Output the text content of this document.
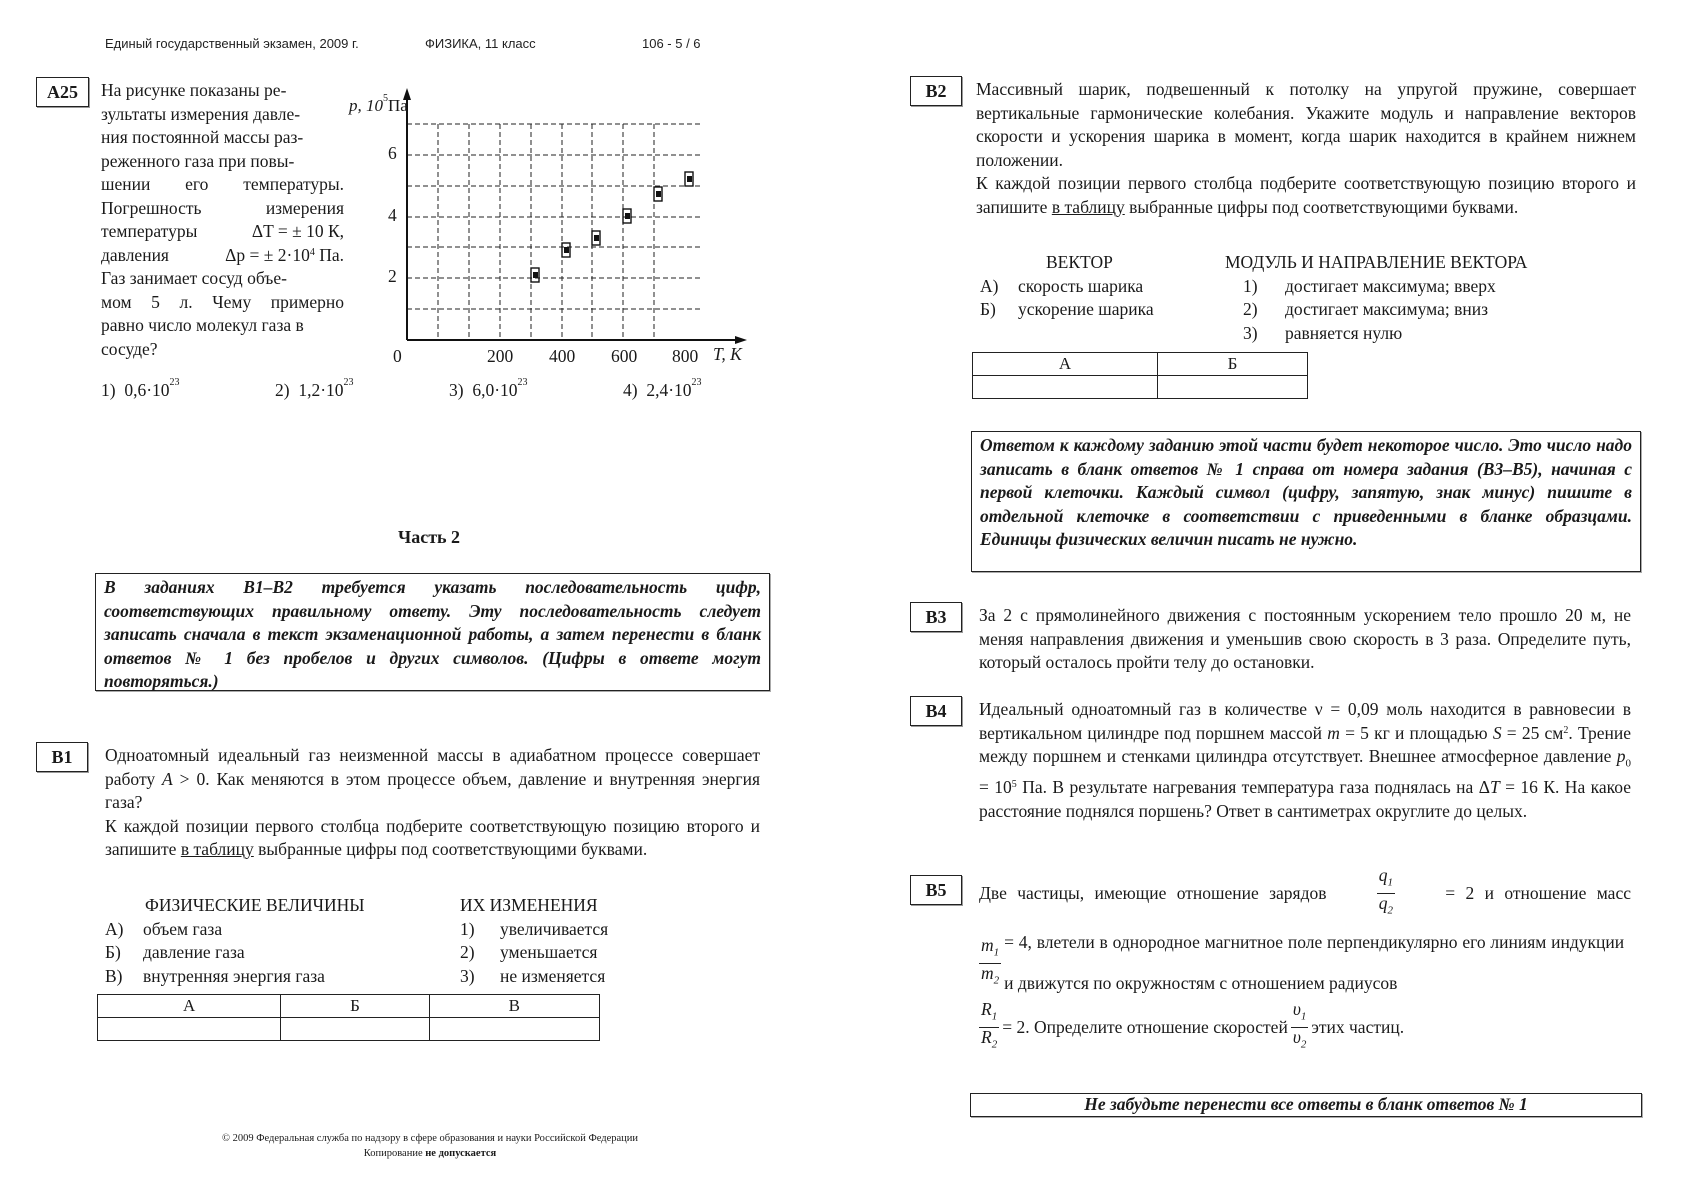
Единый государственный экзамен, 2009 г.	ФИЗИКА, 11 класс	106 - 5 / 6
A25	На рисунке показаны ре-

зультаты измерения давле-

ния постоянной массы раз-

реженного газа при повы-

шении его температуры.

Погрешность измерения

температуры	ΔT = ± 10 К,

давления	Δp = ± $2\cdot 10^4$ Па.

Газ занимает сосуд объе-

мом 5 л. Чему примерно

равно число молекул газа в

сосуде?

p, $10^5Па$
6
4
2
0	200 400 600 800 T, К
1) $0,6\cdot 10^{23}$	2) $1,2\cdot 10^{23}$	3) $6,0\cdot 10^{23}$	4) $2,4\cdot 10^{23}$
Часть 2
В заданиях В1–В2 требуется указать последовательность цифр, соответствующих правильному ответу. Эту последовательность следует записать сначала в текст экзаменационной работы, а затем перенести в бланк ответов № 1 без пробелов и других символов. (Цифры в ответе могут повторяться.)
B1	Одноатомный идеальный газ неизменной массы в адиабатном процессе совершает работу A > 0. Как меняются в этом процессе объем, давление и внутренняя энергия газа?

К каждой позиции первого столбца подберите соответствующую позицию второго и запишите в таблицу выбранные цифры под соответствующими буквами.

ФИЗИЧЕСКИЕ ВЕЛИЧИНЫ	ИХ ИЗМЕНЕНИЯ
А)	объем газа	1)	увеличивается
Б)	давление газа	2)	уменьшается
В)	внутренняя энергия газа	3)	не изменяется
А	Б	В

© 2009 Федеральная служба по надзору в сфере образования и науки Российской Федерации
Копирование не допускается
B2	Массивный шарик, подвешенный к потолку на упругой пружине, совершает вертикальные гармонические колебания. Укажите модуль и направление векторов скорости и ускорения шарика в момент, когда шарик находится в крайнем нижнем положении.

К каждой позиции первого столбца подберите соответствующую позицию второго и запишите в таблицу выбранные цифры под соответствующими буквами.

ВЕКТОР	МОДУЛЬ И НАПРАВЛЕНИЕ ВЕКТОРА
А)	скорость шарика	1)	достигает максимума; вверх
Б)	ускорение шарика	2)	достигает максимума; вниз
3)	равняется нулю
А	Б

Ответом к каждому заданию этой части будет некоторое число. Это число надо записать в бланк ответов № 1 справа от номера задания (В3–В5), начиная с первой клеточки. Каждый символ (цифру, запятую, знак минус) пишите в отдельной клеточке в соответствии с приведенными в бланке образцами. Единицы физических величин писать не нужно.
B3	За 2 с прямолинейного движения с постоянным ускорением тело прошло 20 м, не меняя направления движения и уменьшив свою скорость в 3 раза. Определите путь, который осталось пройти телу до остановки.
B4	Идеальный одноатомный газ в количестве ν = 0,09 моль находится в равновесии в вертикальном цилиндре под поршнем массой m = 5 кг и площадью S = 25 $см^2$. Трение между поршнем и стенками цилиндра отсутствует. Внешнее атмосферное давление $p_0 = 10^5$ Па. В результате нагревания температура газа поднялась на ΔT = 16 К. На какое расстояние поднялся поршень? Ответ в сантиметрах округлите до целых.
B5	Две частицы, имеющие отношение зарядов	$\frac{q_1}{q_2}$	= 2 и отношение масс
$\frac{m_1}{m_2} = 4$, влетели в однородное магнитное поле перпендикулярно его линиям индукции и движутся по окружностям с отношением радиусов
$\frac{R_1}{R_2} = 2$. Определите отношение скоростей $\frac{\upsilon_1}{\upsilon_2}$ этих частиц.
Не забудьте перенести все ответы в бланк ответов № 1
